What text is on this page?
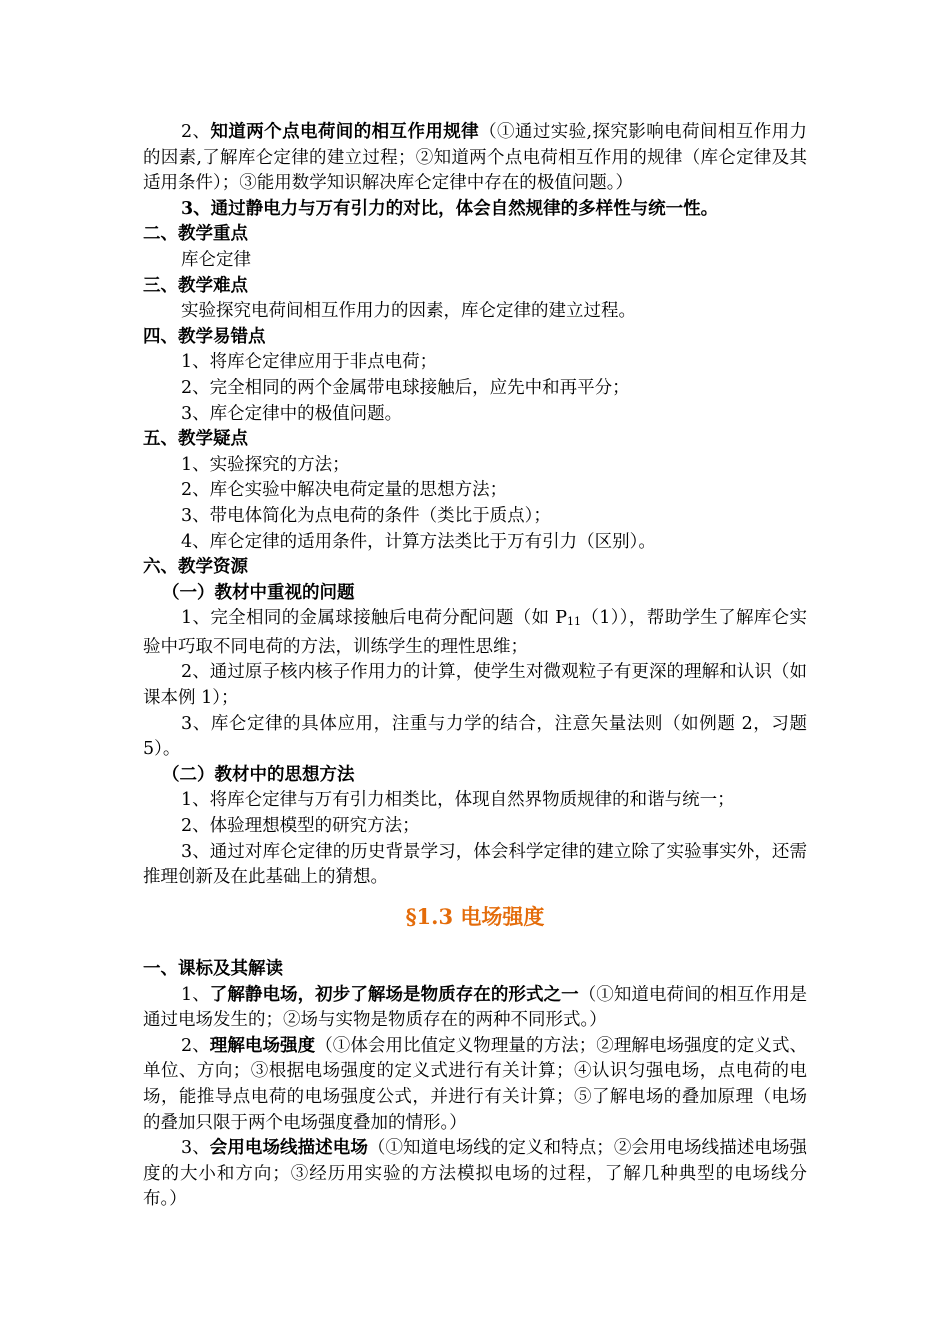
2、知道两个点电荷间的相互作用规律（①通过实验,探究影响电荷间相互作用力的因素,了解库仑定律的建立过程；②知道两个点电荷相互作用的规律（库仑定律及其适用条件）；③能用数学知识解决库仑定律中存在的极值问题。）

3、通过静电力与万有引力的对比，体会自然规律的多样性与统一性。

二、教学重点

库仑定律

三、教学难点

实验探究电荷间相互作用力的因素，库仑定律的建立过程。

四、教学易错点

1、将库仑定律应用于非点电荷；

2、完全相同的两个金属带电球接触后，应先中和再平分；

3、库仑定律中的极值问题。

五、教学疑点

1、实验探究的方法；

2、库仑实验中解决电荷定量的思想方法；

3、带电体简化为点电荷的条件（类比于质点）；

4、库仑定律的适用条件，计算方法类比于万有引力（区别）。

六、教学资源

（一）教材中重视的问题

1、完全相同的金属球接触后电荷分配问题（如 $P_{11}(1)$），帮助学生了解库仑实验中巧取不同电荷的方法，训练学生的理性思维；

2、通过原子核内核子作用力的计算，使学生对微观粒子有更深的理解和认识（如课本例 1）；

3、库仑定律的具体应用，注重与力学的结合，注意矢量法则（如例题 2，习题 5）。

（二）教材中的思想方法

1、将库仑定律与万有引力相类比，体现自然界物质规律的和谐与统一；

2、体验理想模型的研究方法；

3、通过对库仑定律的历史背景学习，体会科学定律的建立除了实验事实外，还需推理创新及在此基础上的猜想。

§1.3 电场强度
一、课标及其解读

1、了解静电场，初步了解场是物质存在的形式之一（①知道电荷间的相互作用是通过电场发生的；②场与实物是物质存在的两种不同形式。）

2、理解电场强度（①体会用比值定义物理量的方法；②理解电场强度的定义式、单位、方向；③根据电场强度的定义式进行有关计算；④认识匀强电场，点电荷的电场，能推导点电荷的电场强度公式，并进行有关计算；⑤了解电场的叠加原理（电场的叠加只限于两个电场强度叠加的情形。）

3、会用电场线描述电场（①知道电场线的定义和特点；②会用电场线描述电场强度的大小和方向；③经历用实验的方法模拟电场的过程，了解几种典型的电场线分布。）
